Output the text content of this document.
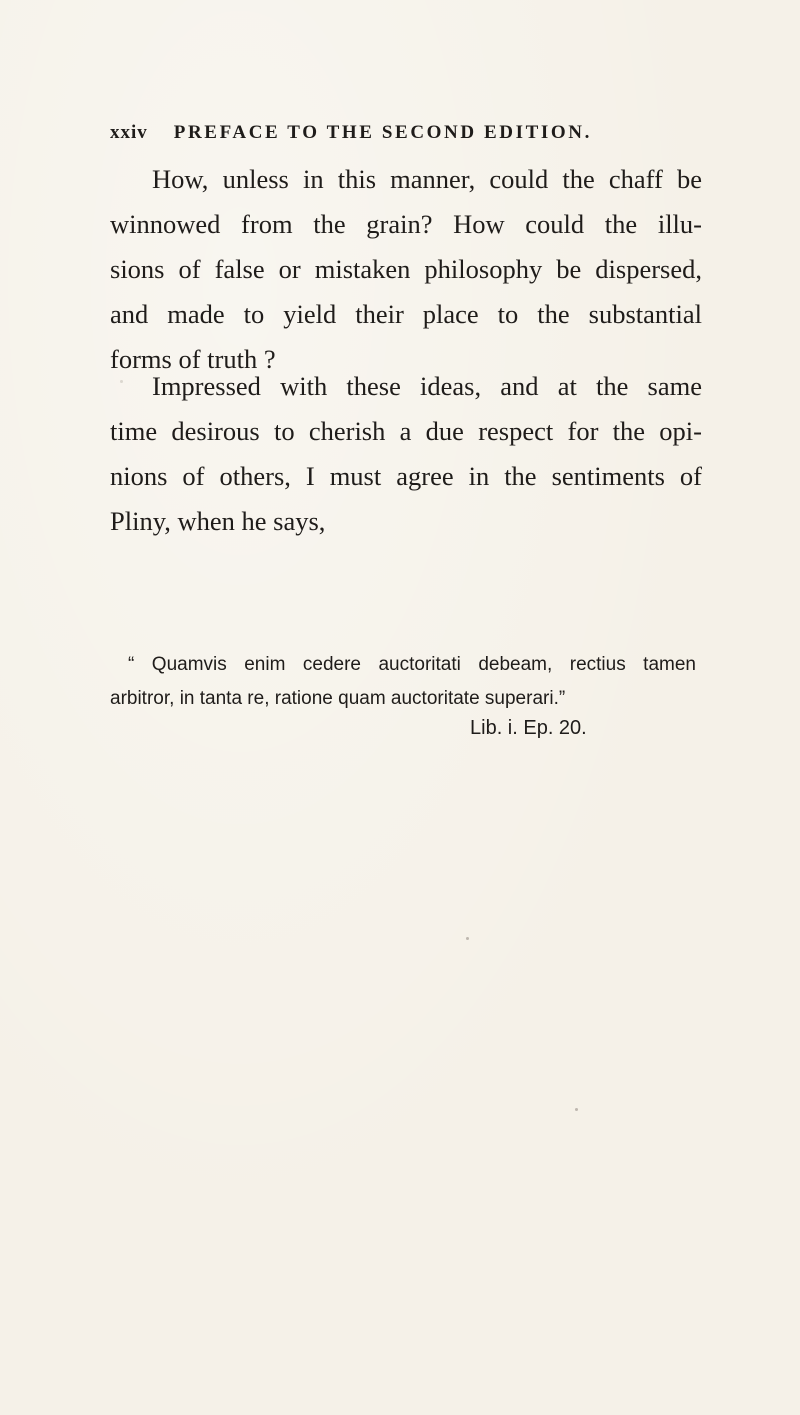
xxiv PREFACE TO THE SECOND EDITION.
How, unless in this manner, could the chaff be
winnowed from the grain? How could the illu-
sions of false or mistaken philosophy be dispersed,
and made to yield their place to the substantial
forms of truth ?
Impressed with these ideas, and at the same
time desirous to cherish a due respect for the opi-
nions of others, I must agree in the sentiments of
Pliny, when he says,
“ Quamvis enim cedere auctoritati debeam, rectius tamen
arbitror, in tanta re, ratione quam auctoritate superari.”
Lib. i. Ep. 20.
